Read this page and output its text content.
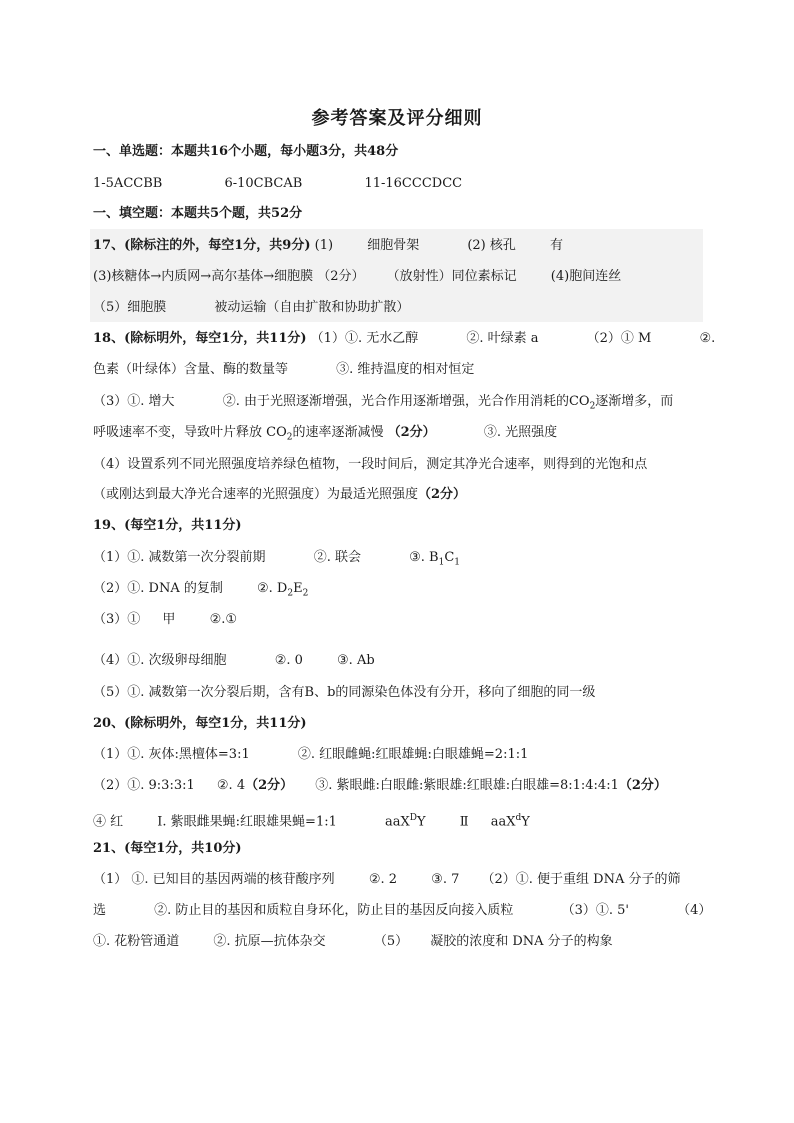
参考答案及评分细则
一、单选题：本题共16个小题，每小题3分，共48分
1-5ACCBB	6-10CBCAB	11-16CCCDCC
一、填空题：本题共5个题，共52分
17、(除标注的外，每空1分，共9分) (1)	细胞骨架	(2) 核孔	有
(3)核糖体→内质网→高尔基体→细胞膜 （2分） （放射性）同位素标记	(4)胞间连丝
（5）细胞膜	被动运输（自由扩散和协助扩散）
18、(除标明外，每空1分，共11分) （1）①. 无水乙醇	②. 叶绿素 a	（2）① M	②.
色素（叶绿体）含量、酶的数量等	③. 维持温度的相对恒定
（3）①. 增大	②. 由于光照逐渐增强，光合作用逐渐增强，光合作用消耗的$CO_2$逐渐增多，而
呼吸速率不变，导致叶片释放 $CO_2$的速率逐渐减慢 （2分）	③. 光照强度
（4）设置系列不同光照强度培养绿色植物，一段时间后，测定其净光合速率，则得到的光饱和点
（或刚达到最大净光合速率的光照强度）为最适光照强度（2分）
19、(每空1分，共11分)
（1）①. 减数第一次分裂前期	②. 联会	③. $B_1C_1$
（2）①. DNA 的复制	②. $D_2E_2$
（3）① 甲	②.①
（4）①. 次级卵母细胞	②. 0	③. Ab
（5）①. 减数第一次分裂后期，含有B、b的同源染色体没有分开，移向了细胞的同一级
20、(除标明外，每空1分，共11分)
（1）①. 灰体:黑檀体=3:1	②. 红眼雌蝇:红眼雄蝇:白眼雄蝇=2:1:1
（2）①. 9:3:3:1 ②. 4（2分） ③. 紫眼雌:白眼雌:紫眼雄:红眼雄:白眼雄=8:1:4:4:1（2分）
④ 红	Ⅰ. 紫眼雌果蝇:红眼雄果蝇=1:1	aaX$^D$Y	Ⅱ aaX$^d$Y
21、(每空1分，共10分)
（1） ①. 已知目的基因两端的核苷酸序列	②. 2	③. 7 （2）①. 便于重组 DNA 分子的筛
选	②. 防止目的基因和质粒自身环化，防止目的基因反向接入质粒	（3）①. 5'	（4）
①. 花粉管通道	②. 抗原—抗体杂交	（5） 凝胶的浓度和 DNA 分子的构象
